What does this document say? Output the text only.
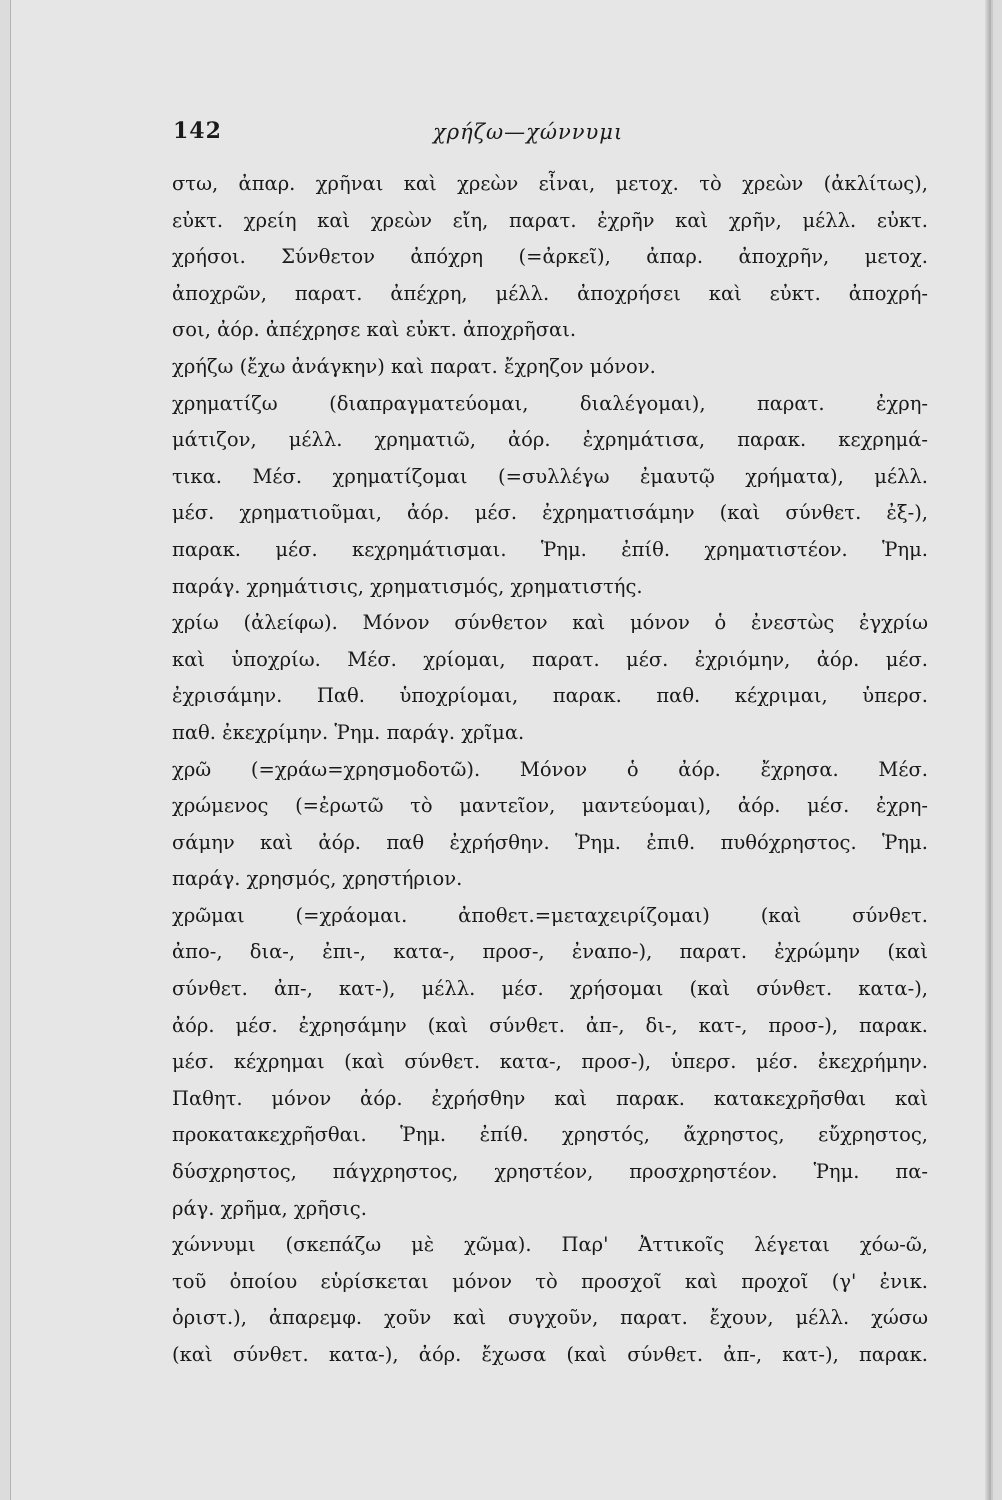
142	χρήζω—χώννυμι
στω, ἀπαρ. χρῆναι καὶ χρεὼν εἶναι, μετοχ. τὸ χρεὼν (ἀκλίτως),
εὐκτ. χρείη καὶ χρεὼν εἴη, παρατ. ἐχρῆν καὶ χρῆν, μέλλ. εὐκτ.
χρήσοι. Σύνθετον ἀπόχρη (=ἀρκεῖ), ἀπαρ. ἀποχρῆν, μετοχ.
ἀποχρῶν, παρατ. ἀπέχρη, μέλλ. ἀποχρήσει καὶ εὐκτ. ἀποχρή-
σοι, ἀόρ. ἀπέχρησε καὶ εὐκτ. ἀποχρῆσαι.
χρήζω (ἔχω ἀνάγκην) καὶ παρατ. ἔχρηζον μόνον.
χρηματίζω (διαπραγματεύομαι, διαλέγομαι), παρατ. ἐχρη-
μάτιζον, μέλλ. χρηματιῶ, ἀόρ. ἐχρημάτισα, παρακ. κεχρημά-
τικα. Μέσ. χρηματίζομαι (=συλλέγω ἐμαυτῷ χρήματα), μέλλ.
μέσ. χρηματιοῦμαι, ἀόρ. μέσ. ἐχρηματισάμην (καὶ σύνθετ. ἐξ-),
παρακ. μέσ. κεχρημάτισμαι. Ῥημ. ἐπίθ. χρηματιστέον. Ῥημ.
παράγ. χρημάτισις, χρηματισμός, χρηματιστής.
χρίω (ἀλείφω). Μόνον σύνθετον καὶ μόνον ὁ ἐνεστὼς ἐγχρίω
καὶ ὑποχρίω. Μέσ. χρίομαι, παρατ. μέσ. ἐχριόμην, ἀόρ. μέσ.
ἐχρισάμην. Παθ. ὑποχρίομαι, παρακ. παθ. κέχριμαι, ὑπερσ.
παθ. ἐκεχρίμην. Ῥημ. παράγ. χρῖμα.
χρῶ (=χράω=χρησμοδοτῶ). Μόνον ὁ ἀόρ. ἔχρησα. Μέσ.
χρώμενος (=ἐρωτῶ τὸ μαντεῖον, μαντεύομαι), ἀόρ. μέσ. ἐχρη-
σάμην καὶ ἀόρ. παθ ἐχρήσθην. Ῥημ. ἐπιθ. πυθόχρηστος. Ῥημ.
παράγ. χρησμός, χρηστήριον.
χρῶμαι (=χράομαι. ἀποθετ.=μεταχειρίζομαι) (καὶ σύνθετ.
ἀπο-, δια-, ἐπι-, κατα-, προσ-, ἐναπο-), παρατ. ἐχρώμην (καὶ
σύνθετ. ἀπ-, κατ-), μέλλ. μέσ. χρήσομαι (καὶ σύνθετ. κατα-),
ἀόρ. μέσ. ἐχρησάμην (καὶ σύνθετ. ἀπ-, δι-, κατ-, προσ-), παρακ.
μέσ. κέχρημαι (καὶ σύνθετ. κατα-, προσ-), ὑπερσ. μέσ. ἐκεχρήμην.
Παθητ. μόνον ἀόρ. ἐχρήσθην καὶ παρακ. κατακεχρῆσθαι καὶ
προκατακεχρῆσθαι. Ῥημ. ἐπίθ. χρηστός, ἄχρηστος, εὔχρηστος,
δύσχρηστος, πάγχρηστος, χρηστέον, προσχρηστέον. Ῥημ. πα-
ράγ. χρῆμα, χρῆσις.
χώννυμι (σκεπάζω μὲ χῶμα). Παρ' Ἀττικοῖς λέγεται χόω-ῶ,
τοῦ ὁποίου εὑρίσκεται μόνον τὸ προσχοῖ καὶ προχοῖ (γ' ἐνικ.
ὁριστ.), ἀπαρεμφ. χοῦν καὶ συγχοῦν, παρατ. ἔχουν, μέλλ. χώσω
(καὶ σύνθετ. κατα-), ἀόρ. ἔχωσα (καὶ σύνθετ. ἀπ-, κατ-), παρακ.
